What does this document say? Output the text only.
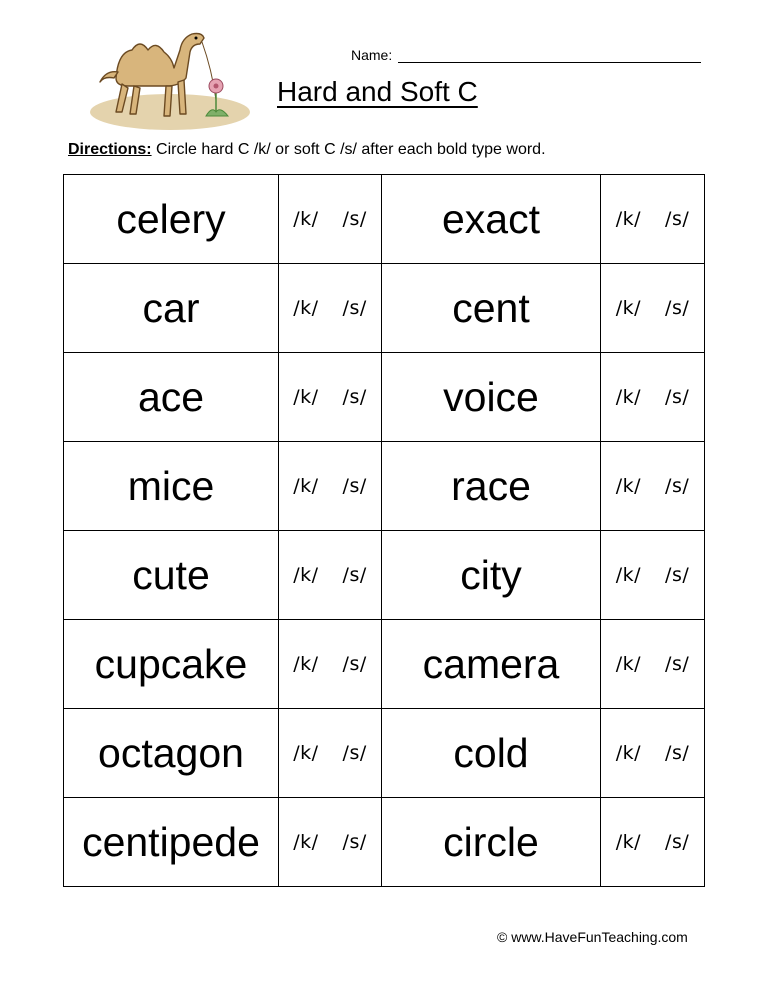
Name:
Hard and Soft C
Directions: Circle hard C /k/ or soft C /s/ after each bold type word.
celery	/k/ /s/	exact	/k/ /s/
car	/k/ /s/	cent	/k/ /s/
ace	/k/ /s/	voice	/k/ /s/
mice	/k/ /s/	race	/k/ /s/
cute	/k/ /s/	city	/k/ /s/
cupcake	/k/ /s/	camera	/k/ /s/
octagon	/k/ /s/	cold	/k/ /s/
centipede	/k/ /s/	circle	/k/ /s/
© www.HaveFunTeaching.com
